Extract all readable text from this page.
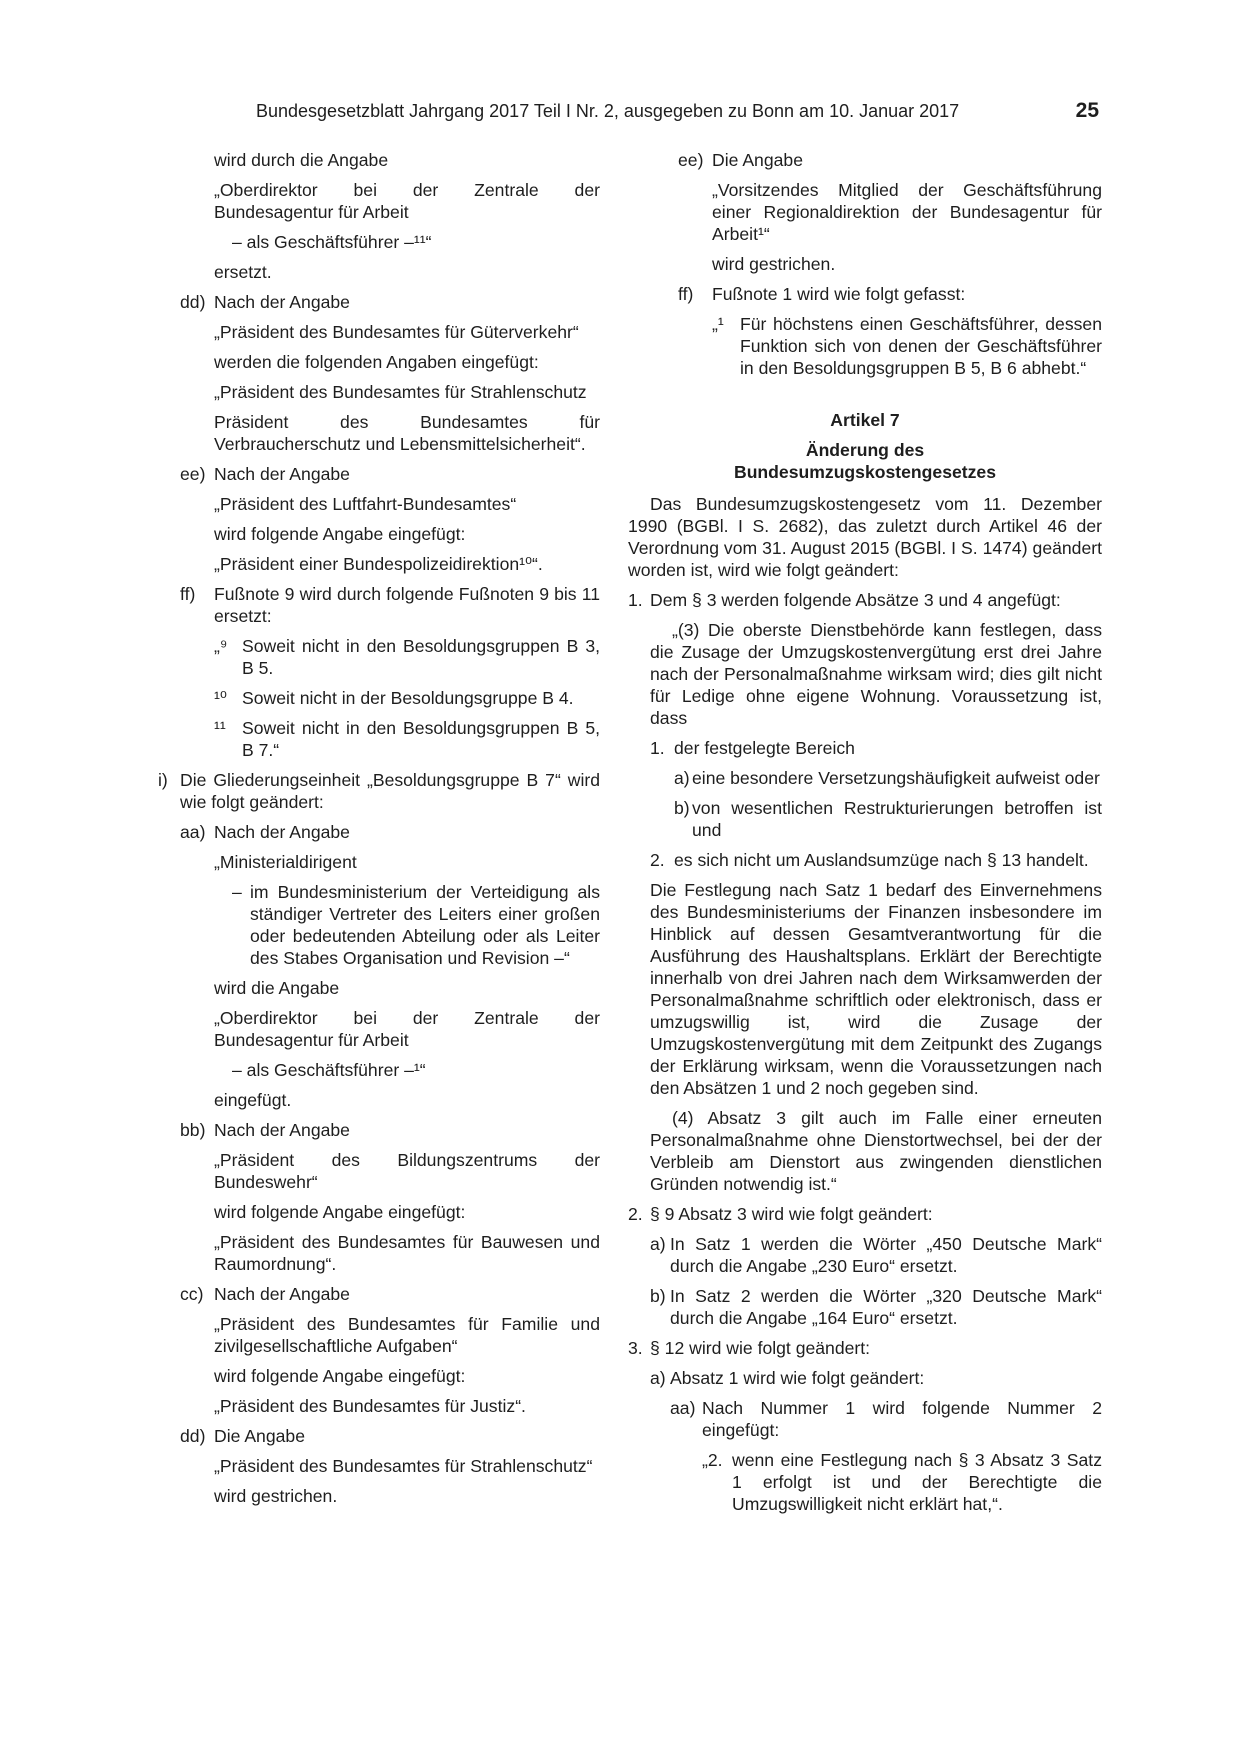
Bundesgesetzblatt Jahrgang 2017 Teil I Nr. 2, ausgegeben zu Bonn am 10. Januar 2017	25

wird durch die Angabe

„Oberdirektor bei der Zentrale der Bundesagentur für Arbeit

– als Geschäftsführer –¹¹“

ersetzt.

dd) Nach der Angabe

„Präsident des Bundesamtes für Güterverkehr“

werden die folgenden Angaben eingefügt:

„Präsident des Bundesamtes für Strahlenschutz

Präsident des Bundesamtes für Verbraucherschutz und Lebensmittelsicherheit“.

ee) Nach der Angabe

„Präsident des Luftfahrt-Bundesamtes“

wird folgende Angabe eingefügt:

„Präsident einer Bundespolizeidirektion¹⁰“.

ff)	Fußnote 9 wird durch folgende Fußnoten 9 bis 11 ersetzt:
„⁹ Soweit nicht in den Besoldungsgruppen B 3, B 5.
¹⁰ Soweit nicht in der Besoldungsgruppe B 4.
¹¹ Soweit nicht in den Besoldungsgruppen B 5, B 7.“
i) Die Gliederungseinheit „Besoldungsgruppe B 7“ wird wie folgt geändert:
aa) Nach der Angabe

„Ministerialdirigent

– im Bundesministerium der Verteidigung als ständiger Vertreter des Leiters einer großen oder bedeutenden Abteilung oder als Leiter des Stabes Organisation und Revision –“

wird die Angabe

„Oberdirektor bei der Zentrale der Bundesagentur für Arbeit

– als Geschäftsführer –¹“

eingefügt.

bb) Nach der Angabe

„Präsident des Bildungszentrums der Bundeswehr“

wird folgende Angabe eingefügt:

„Präsident des Bundesamtes für Bauwesen und Raumordnung“.

cc) Nach der Angabe

„Präsident des Bundesamtes für Familie und zivilgesellschaftliche Aufgaben“

wird folgende Angabe eingefügt:

„Präsident des Bundesamtes für Justiz“.

dd) Die Angabe

„Präsident des Bundesamtes für Strahlenschutz“

wird gestrichen.

ee) Die Angabe

„Vorsitzendes Mitglied der Geschäftsführung einer Regionaldirektion der Bundesagentur für Arbeit¹“

wird gestrichen.

ff)	Fußnote 1 wird wie folgt gefasst:
„¹ Für höchstens einen Geschäftsführer, dessen Funktion sich von denen der Geschäftsführer in den Besoldungsgruppen B 5, B 6 abhebt.“

Artikel 7

Änderung des

Bundesumzugskostengesetzes

Das Bundesumzugskostengesetz vom 11. Dezember 1990 (BGBl. I S. 2682), das zuletzt durch Artikel 46 der Verordnung vom 31. August 2015 (BGBl. I S. 1474) geändert worden ist, wird wie folgt geändert:

1. Dem § 3 werden folgende Absätze 3 und 4 angefügt:

„(3) Die oberste Dienstbehörde kann festlegen, dass die Zusage der Umzugskostenvergütung erst drei Jahre nach der Personalmaßnahme wirksam wird; dies gilt nicht für Ledige ohne eigene Wohnung. Voraussetzung ist, dass

1. der festgelegte Bereich
a) eine besondere Versetzungshäufigkeit aufweist oder
b) von wesentlichen Restrukturierungen betroffen ist und
2. es sich nicht um Auslandsumzüge nach § 13 handelt.

Die Festlegung nach Satz 1 bedarf des Einvernehmens des Bundesministeriums der Finanzen insbesondere im Hinblick auf dessen Gesamtverantwortung für die Ausführung des Haushaltsplans. Erklärt der Berechtigte innerhalb von drei Jahren nach dem Wirksamwerden der Personalmaßnahme schriftlich oder elektronisch, dass er umzugswillig ist, wird die Zusage der Umzugskostenvergütung mit dem Zeitpunkt des Zugangs der Erklärung wirksam, wenn die Voraussetzungen nach den Absätzen 1 und 2 noch gegeben sind.

(4) Absatz 3 gilt auch im Falle einer erneuten Personalmaßnahme ohne Dienstortwechsel, bei der der Verbleib am Dienstort aus zwingenden dienstlichen Gründen notwendig ist.“

2. § 9 Absatz 3 wird wie folgt geändert:
a) In Satz 1 werden die Wörter „450 Deutsche Mark“ durch die Angabe „230 Euro“ ersetzt.
b) In Satz 2 werden die Wörter „320 Deutsche Mark“ durch die Angabe „164 Euro“ ersetzt.
3. § 12 wird wie folgt geändert:
a) Absatz 1 wird wie folgt geändert:
aa) Nach Nummer 1 wird folgende Nummer 2 eingefügt:
„2. wenn eine Festlegung nach § 3 Absatz 3 Satz 1 erfolgt ist und der Berechtigte die Umzugswilligkeit nicht erklärt hat,“.
